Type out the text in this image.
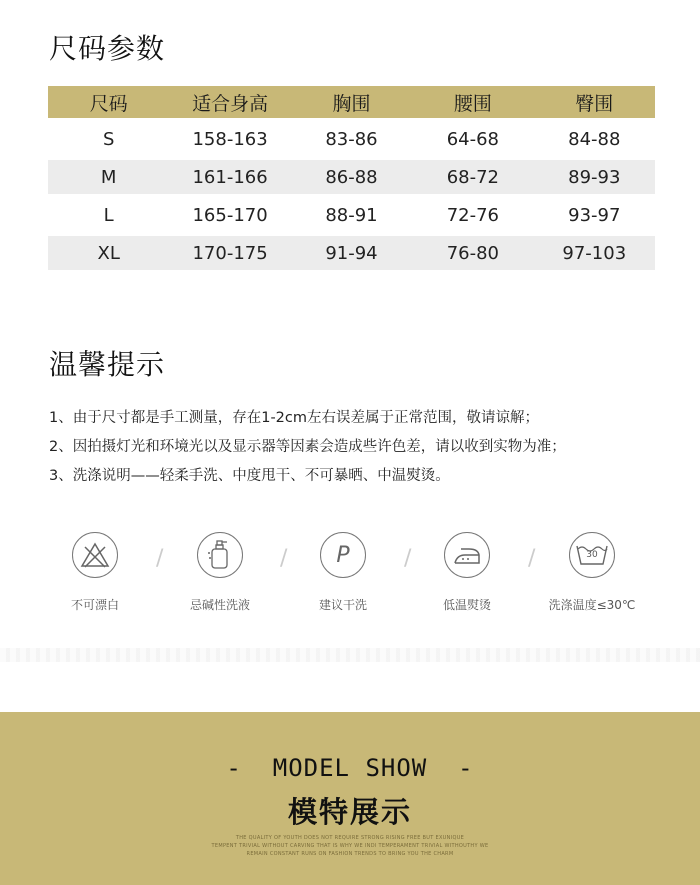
尺码参数
尺码	适合身高	胸围	腰围	臀围
S	158-163	83-86	64-68	84-88
M	161-166	86-88	68-72	89-93
L	165-170	88-91	72-76	93-97
XL	170-175	91-94	76-80	97-103
温馨提示
1、由于尺寸都是手工测量，存在1-2cm左右误差属于正常范围，敬请谅解；
2、因拍摄灯光和环境光以及显示器等因素会造成些许色差，请以收到实物为准；
3、洗涤说明——轻柔手洗、中度甩干、不可暴晒、中温熨烫。
不可漂白
/
忌碱性洗液
/ P
建议干洗
/
低温熨烫
/	30
洗涤温度≤30℃
-  MODEL SHOW  -
模特展示
THE QUALITY OF YOUTH DOES NOT REQUIRE STRONG RISING FREE BUT EXUNIQUE
TEMPENT TRIVIAL WITHOUT CARVING THAT IS WHY WE INDI TEMPERAMENT TRIVIAL WITHOUTHY WE
REMAIN CONSTANT RUNS ON FASHION TRENDS TO BRING YOU THE CHARM
